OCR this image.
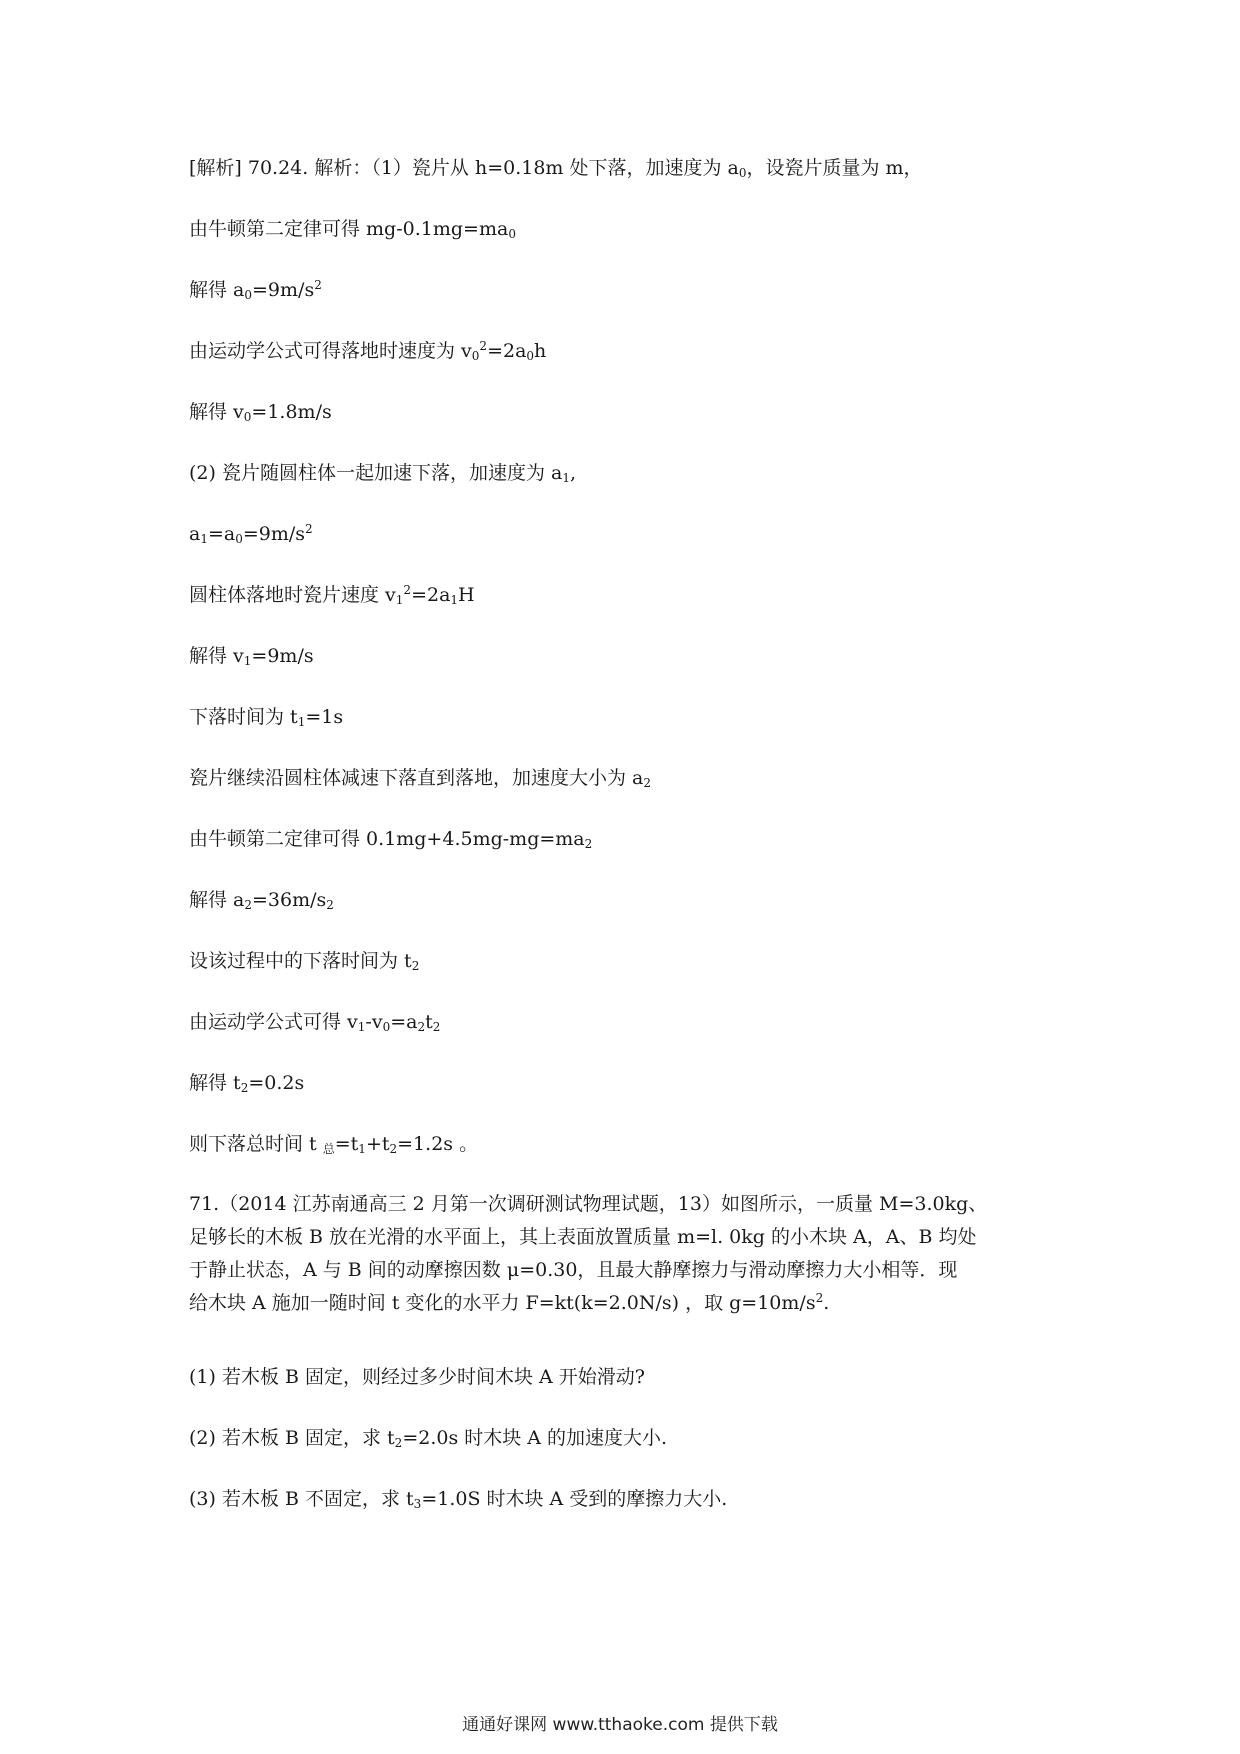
[解析] 70.24. 解析：（1）瓷片从 h=0.18m 处下落，加速度为 $a_0$，设瓷片质量为 m，

由牛顿第二定律可得 $mg-0.1mg=ma_0$

解得 $a_0=9m/s^2$

由运动学公式可得落地时速度为 $v_0^2=2a_0h$

解得 $v_0=1.8m/s$

(2) 瓷片随圆柱体一起加速下落，加速度为 $a_1$,

$a_1=a_0=9m/s^2$

圆柱体落地时瓷片速度 $v_1^2=2a_1H$

解得 $v_1=9m/s$

下落时间为 $t_1=1s$

瓷片继续沿圆柱体减速下落直到落地，加速度大小为 $a_2$

由牛顿第二定律可得 $0.1mg+4.5mg-mg=ma_2$

解得 $a_2=36m/s_2$

设该过程中的下落时间为 $t_2$

由运动学公式可得 $v_1-v_0=a_2t_2$

解得 $t_2=0.2s$

则下落总时间 t $_总=t_1+t_2=1.2s$ 。

71.（2014 江苏南通高三 2 月第一次调研测试物理试题，13）如图所示，一质量 M=3.0kg、
足够长的木板 B 放在光滑的水平面上，其上表面放置质量 m=l. 0kg 的小木块 A，A、B 均处
于静止状态，A 与 B 间的动摩擦因数 μ=0.30，且最大静摩擦力与滑动摩擦力大小相等．现
给木块 A 施加一随时间 t 变化的水平力 F=kt(k=2.0N/s) ，取 $g=10m/s^2$.

(1) 若木板 B 固定，则经过多少时间木块 A 开始滑动?

(2) 若木板 B 固定，求 $t_2=2.0s$ 时木块 A 的加速度大小.

(3) 若木板 B 不固定，求 $t_3=1.0S$ 时木块 A 受到的摩擦力大小.

通通好课网 www.tthaoke.com 提供下载
